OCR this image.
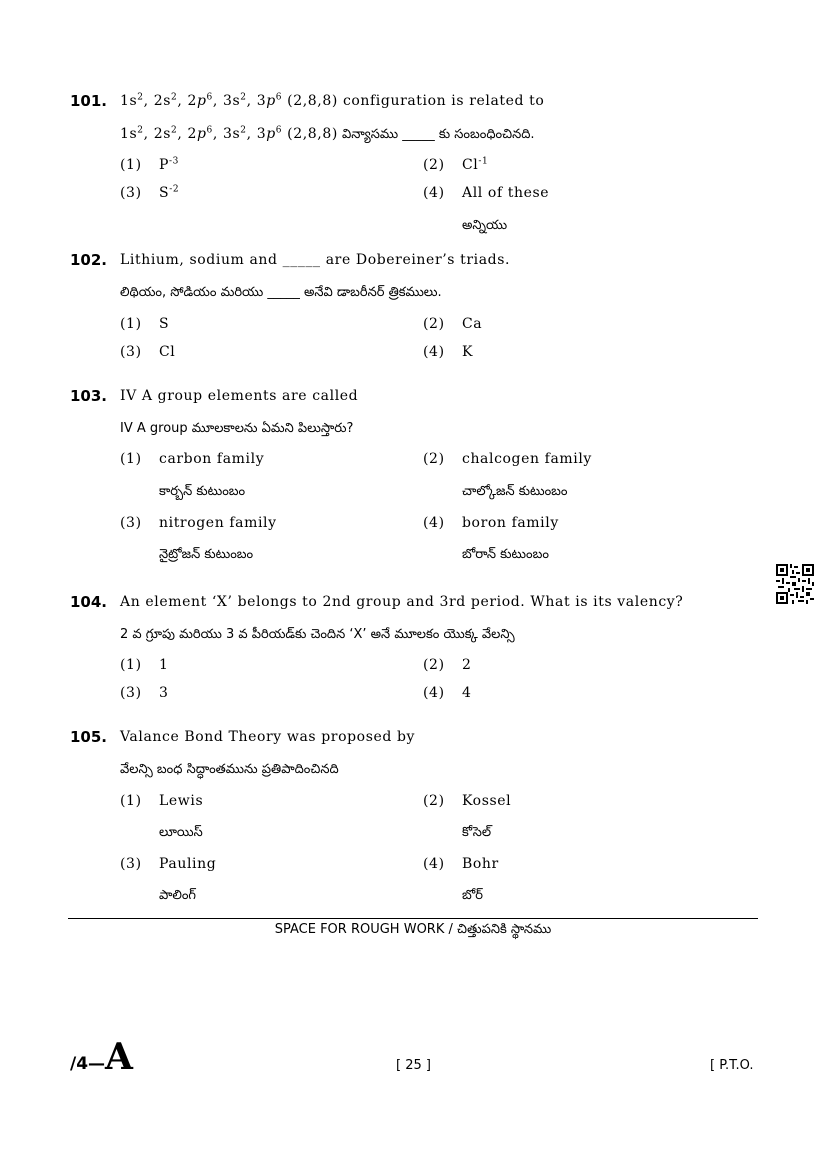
101. $1s^2$, $2s^2$, $2p^6$, $3s^2$, $3p^6$ (2,8,8) configuration is related to
$1s^2$, $2s^2$, $2p^6$, $3s^2$, $3p^6$ (2,8,8) విన్యాసము _____ కు సంబంధించినది.
(1) $P^{-3}$	(2) $Cl^{-1}$
(3) $S^{-2}$	(4) All of these
అన్నియు
102. Lithium, sodium and _____ are Dobereiner’s triads.
లిథియం, సోడియం మరియు _____ అనేవి డాబరీనర్ త్రికములు.
(1) S	(2) Ca
(3) Cl	(4) K
103. IV A group elements are called
IV A group మూలకాలను ఏమని పిలుస్తారు?
(1) carbon family	(2) chalcogen family
కార్బన్ కుటుంబం	చాల్కోజన్ కుటుంబం
(3) nitrogen family	(4) boron family
నైట్రోజన్ కుటుంబం	బోరాన్ కుటుంబం
104. An element ‘X’ belongs to 2nd group and 3rd period. What is its valency?
2 వ గ్రూపు మరియు 3 వ పీరియడ్‌కు చెందిన ‘X’ అనే మూలకం యొక్క వేలన్సి
(1) 1	(2) 2
(3) 3	(4) 4
105. Valance Bond Theory was proposed by
వేలన్సి బంధ సిద్ధాంతమును ప్రతిపాదించినది
(1) Lewis	(2) Kossel
లూయిస్	కోసెల్
(3) Pauling	(4) Bohr
పాలింగ్	బోర్
SPACE FOR ROUGH WORK / చిత్తుపనికి స్థానము
/4—A	[ 25 ]	[ P.T.O.
